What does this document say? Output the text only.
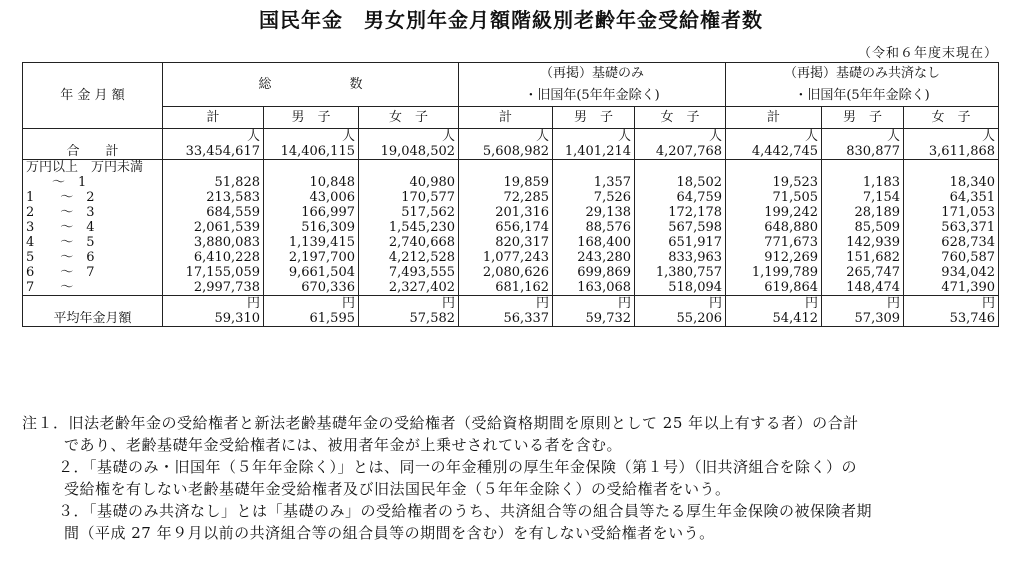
国民年金　男女別年金月額階級別老齢年金受給権者数
（令和６年度末現在）
年 金 月 額	総　　　　　　数			（再掲）基礎のみ			（再掲）基礎のみ共済なし		
				・旧国年(5年年金除く)			・旧国年(5年年金除く)		
	計	男　子	女　子	計	男　子	女　子	計	男　子	女　子
	人	人	人	人	人	人	人	人	人
合　　計	33,454,617	14,406,115	19,048,502	5,608,982	1,401,214	4,207,768	4,442,745	830,877	3,611,868
万円以上　万円未満									
　　～　1	51,828	10,848	40,980	19,859	1,357	18,502	19,523	1,183	18,340
1　　～　2	213,583	43,006	170,577	72,285	7,526	64,759	71,505	7,154	64,351
2　　～　3	684,559	166,997	517,562	201,316	29,138	172,178	199,242	28,189	171,053
3　　～　4	2,061,539	516,309	1,545,230	656,174	88,576	567,598	648,880	85,509	563,371
4　　～　5	3,880,083	1,139,415	2,740,668	820,317	168,400	651,917	771,673	142,939	628,734
5　　～　6	6,410,228	2,197,700	4,212,528	1,077,243	243,280	833,963	912,269	151,682	760,587
6　　～　7	17,155,059	9,661,504	7,493,555	2,080,626	699,869	1,380,757	1,199,789	265,747	934,042
7　　～	2,997,738	670,336	2,327,402	681,162	163,068	518,094	619,864	148,474	471,390
	円	円	円	円	円	円	円	円	円
平均年金月額	59,310	61,595	57,582	56,337	59,732	55,206	54,412	57,309	53,746

注１．旧法老齢年金の受給権者と新法老齢基礎年金の受給権者（受給資格期間を原則として 25 年以上有する者）の合計

であり、老齢基礎年金受給権者には、被用者年金が上乗せされている者を含む。

２．「基礎のみ・旧国年（５年年金除く）」とは、同一の年金種別の厚生年金保険（第１号）（旧共済組合を除く）の

受給権を有しない老齢基礎年金受給権者及び旧法国民年金（５年年金除く）の受給権者をいう。

３．「基礎のみ共済なし」とは「基礎のみ」の受給権者のうち、共済組合等の組合員等たる厚生年金保険の被保険者期

間（平成 27 年９月以前の共済組合等の組合員等の期間を含む）を有しない受給権者をいう。
